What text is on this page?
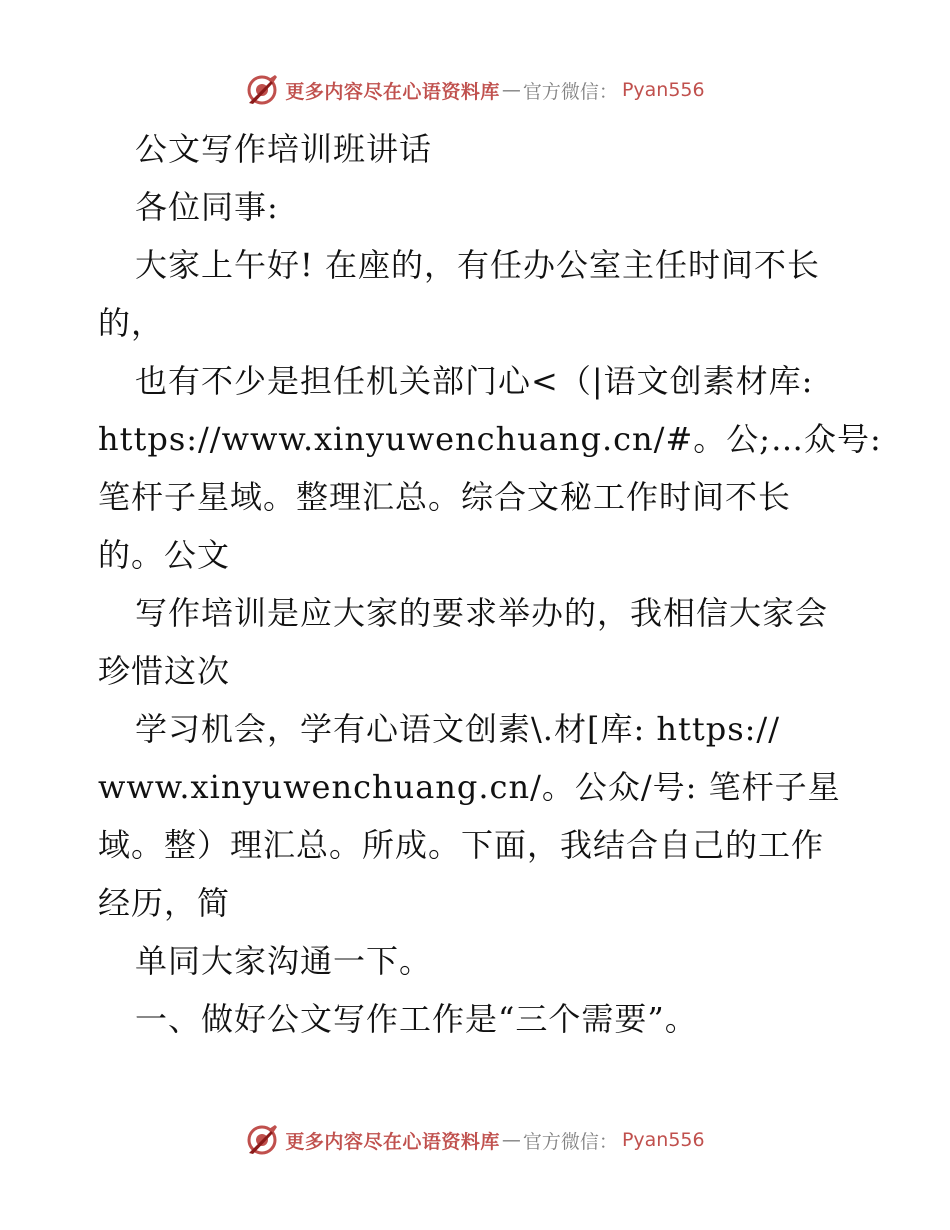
更多内容尽在心语资料库 — 官方微信： Pyan556
公文写作培训班讲话
各位同事:
大家上午好! 在座的，有任办公室主任时间不长
的，
也有不少是担任机关部门心<（|语文创素材库:
https://www.xinyuwenchuang.cn/#。公;…众号:
笔杆子星域。整理汇总。综合文秘工作时间不长
的。公文
写作培训是应大家的要求举办的，我相信大家会
珍惜这次
学习机会，学有心语文创素\.材[库: https://
www.xinyuwenchuang.cn/。公众/号: 笔杆子星
域。整）理汇总。所成。下面，我结合自己的工作
经历，简
单同大家沟通一下。
一、做好公文写作工作是“三个需要”。
更多内容尽在心语资料库 — 官方微信： Pyan556
